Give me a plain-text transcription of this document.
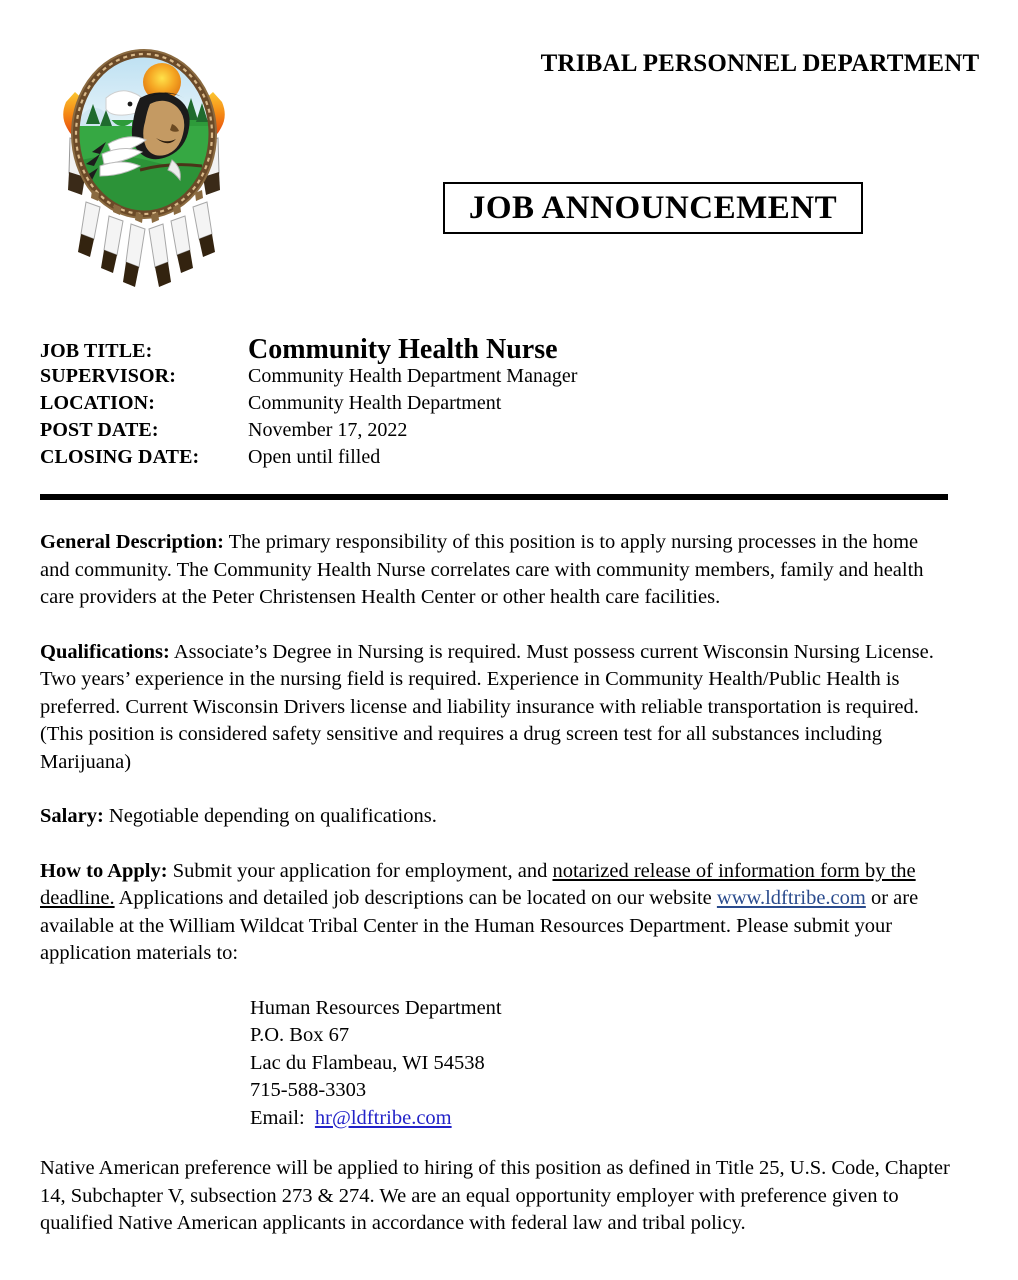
TRIBAL PERSONNEL DEPARTMENT
JOB ANNOUNCEMENT
JOB TITLE:	Community Health Nurse
SUPERVISOR:	Community Health Department Manager
LOCATION:	Community Health Department
POST DATE:	November 17, 2022
CLOSING DATE:	Open until filled

General Description: The primary responsibility of this position is to apply nursing processes in the home and community. The Community Health Nurse correlates care with community members, family and health care providers at the Peter Christensen Health Center or other health care facilities.

Qualifications: Associate’s Degree in Nursing is required. Must possess current Wisconsin Nursing License. Two years’ experience in the nursing field is required. Experience in Community Health/Public Health is preferred. Current Wisconsin Drivers license and liability insurance with reliable transportation is required. (This position is considered safety sensitive and requires a drug screen test for all substances including Marijuana)

Salary: Negotiable depending on qualifications.

How to Apply: Submit your application for employment, and notarized release of information form by the deadline. Applications and detailed job descriptions can be located on our website www.ldftribe.com or are available at the William Wildcat Tribal Center in the Human Resources Department. Please submit your application materials to:

Human Resources Department
P.O. Box 67
Lac du Flambeau, WI 54538
715-588-3303
Email: hr@ldftribe.com
Native American preference will be applied to hiring of this position as defined in Title 25, U.S. Code, Chapter 14, Subchapter V, subsection 273 & 274. We are an equal opportunity employer with preference given to qualified Native American applicants in accordance with federal law and tribal policy.
